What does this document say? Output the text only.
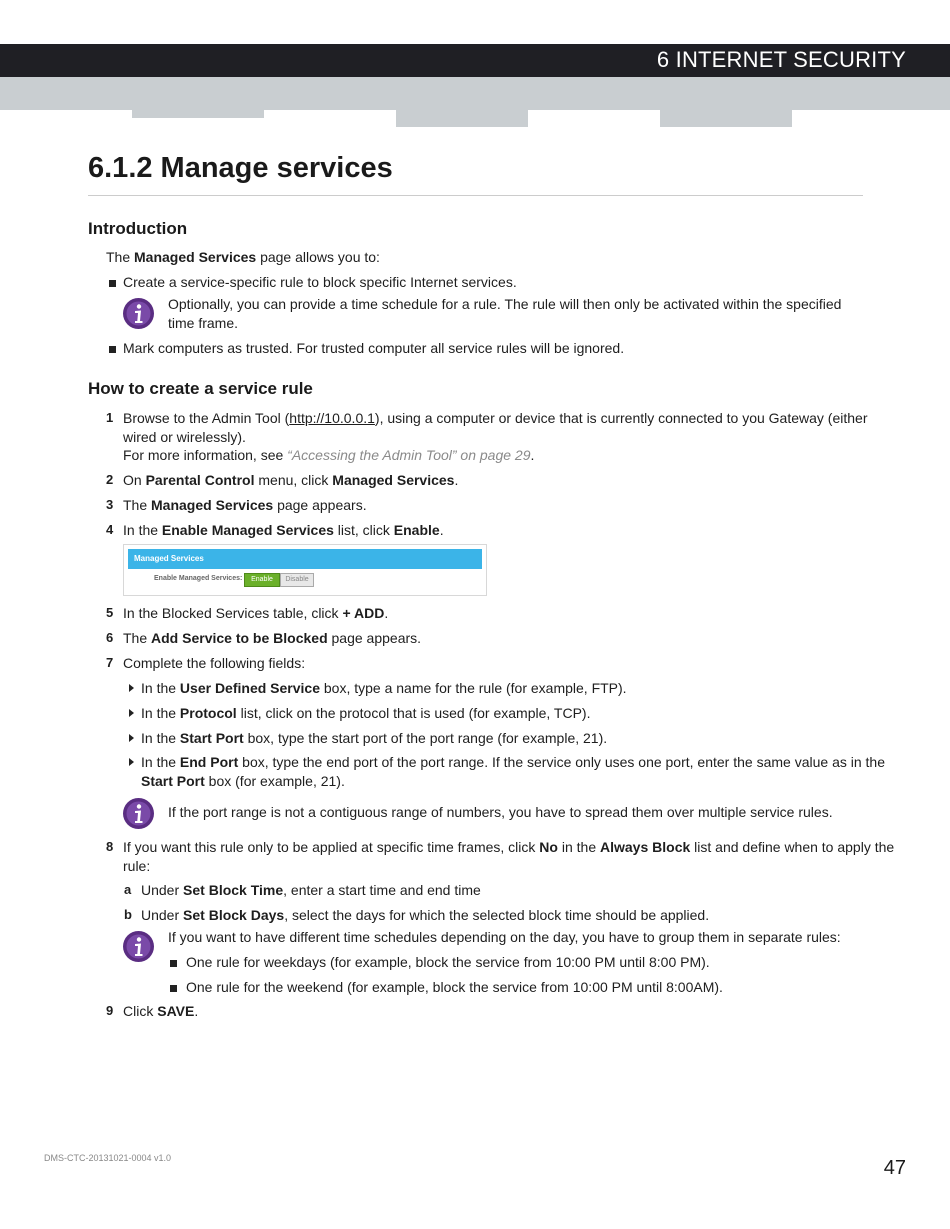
6 INTERNET SECURITY
6.1.2 Manage services
Introduction
The Managed Services page allows you to:
Create a service-specific rule to block specific Internet services.
Optionally, you can provide a time schedule for a rule. The rule will then only be activated within the specified
time frame.
Mark computers as trusted. For trusted computer all service rules will be ignored.
How to create a service rule
1 Browse to the Admin Tool (http://10.0.0.1), using a computer or device that is currently connected to you Gateway (either
wired or wirelessly).
For more information, see “Accessing the Admin Tool” on page 29.
2 On Parental Control menu, click Managed Services.
3 The Managed Services page appears.
4 In the Enable Managed Services list, click Enable.
Managed Services
Enable Managed Services:	Enable	Disable
5 In the Blocked Services table, click + ADD.
6 The Add Service to be Blocked page appears.
7 Complete the following fields:
In the User Defined Service box, type a name for the rule (for example, FTP).
In the Protocol list, click on the protocol that is used (for example, TCP).
In the Start Port box, type the start port of the port range (for example, 21).
In the End Port box, type the end port of the port range. If the service only uses one port, enter the same value as in the
Start Port box (for example, 21).
If the port range is not a contiguous range of numbers, you have to spread them over multiple service rules.
8 If you want this rule only to be applied at specific time frames, click No in the Always Block list and define when to apply the
rule:
a Under Set Block Time, enter a start time and end time
b Under Set Block Days, select the days for which the selected block time should be applied.
If you want to have different time schedules depending on the day, you have to group them in separate rules:
One rule for weekdays (for example, block the service from 10:00 PM until 8:00 PM).
One rule for the weekend (for example, block the service from 10:00 PM until 8:00AM).
9 Click SAVE.
DMS-CTC-20131021-0004 v1.0	47
